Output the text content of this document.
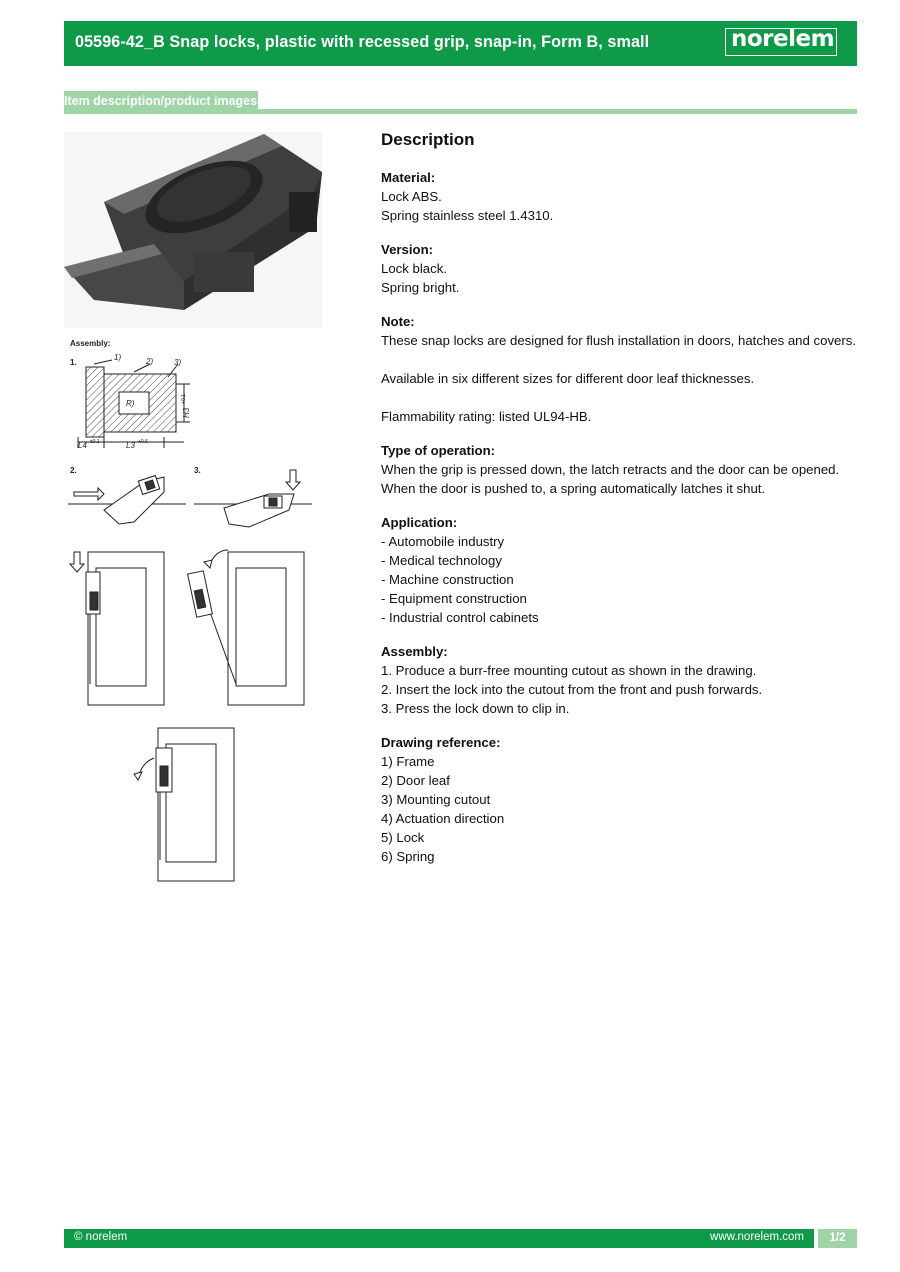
05596-42_B Snap locks, plastic with recessed grip, snap-in, Form B, small	norelem
Item description/product images
Assembly:
1.
1)	2)	3)
R)
L4 ±0.1	L3 +0.6
H3
+0.1
2.	3.
Description
Material:

Lock ABS.

Spring stainless steel 1.4310.

Version:

Lock black.

Spring bright.

Note:

These snap locks are designed for flush installation in doors, hatches and covers.

Available in six different sizes for different door leaf thicknesses.

Flammability rating: listed UL94-HB.

Type of operation:

When the grip is pressed down, the latch retracts and the door can be opened. When the door is pushed to, a spring automatically latches it shut.

Application:

- Automobile industry

- Medical technology

- Machine construction

- Equipment construction

- Industrial control cabinets

Assembly:

1. Produce a burr-free mounting cutout as shown in the drawing.

2. Insert the lock into the cutout from the front and push forwards.

3. Press the lock down to clip in.

Drawing reference:

1) Frame

2) Door leaf

3) Mounting cutout

4) Actuation direction

5) Lock

6) Spring

© norelem	www.norelem.com	1/2
